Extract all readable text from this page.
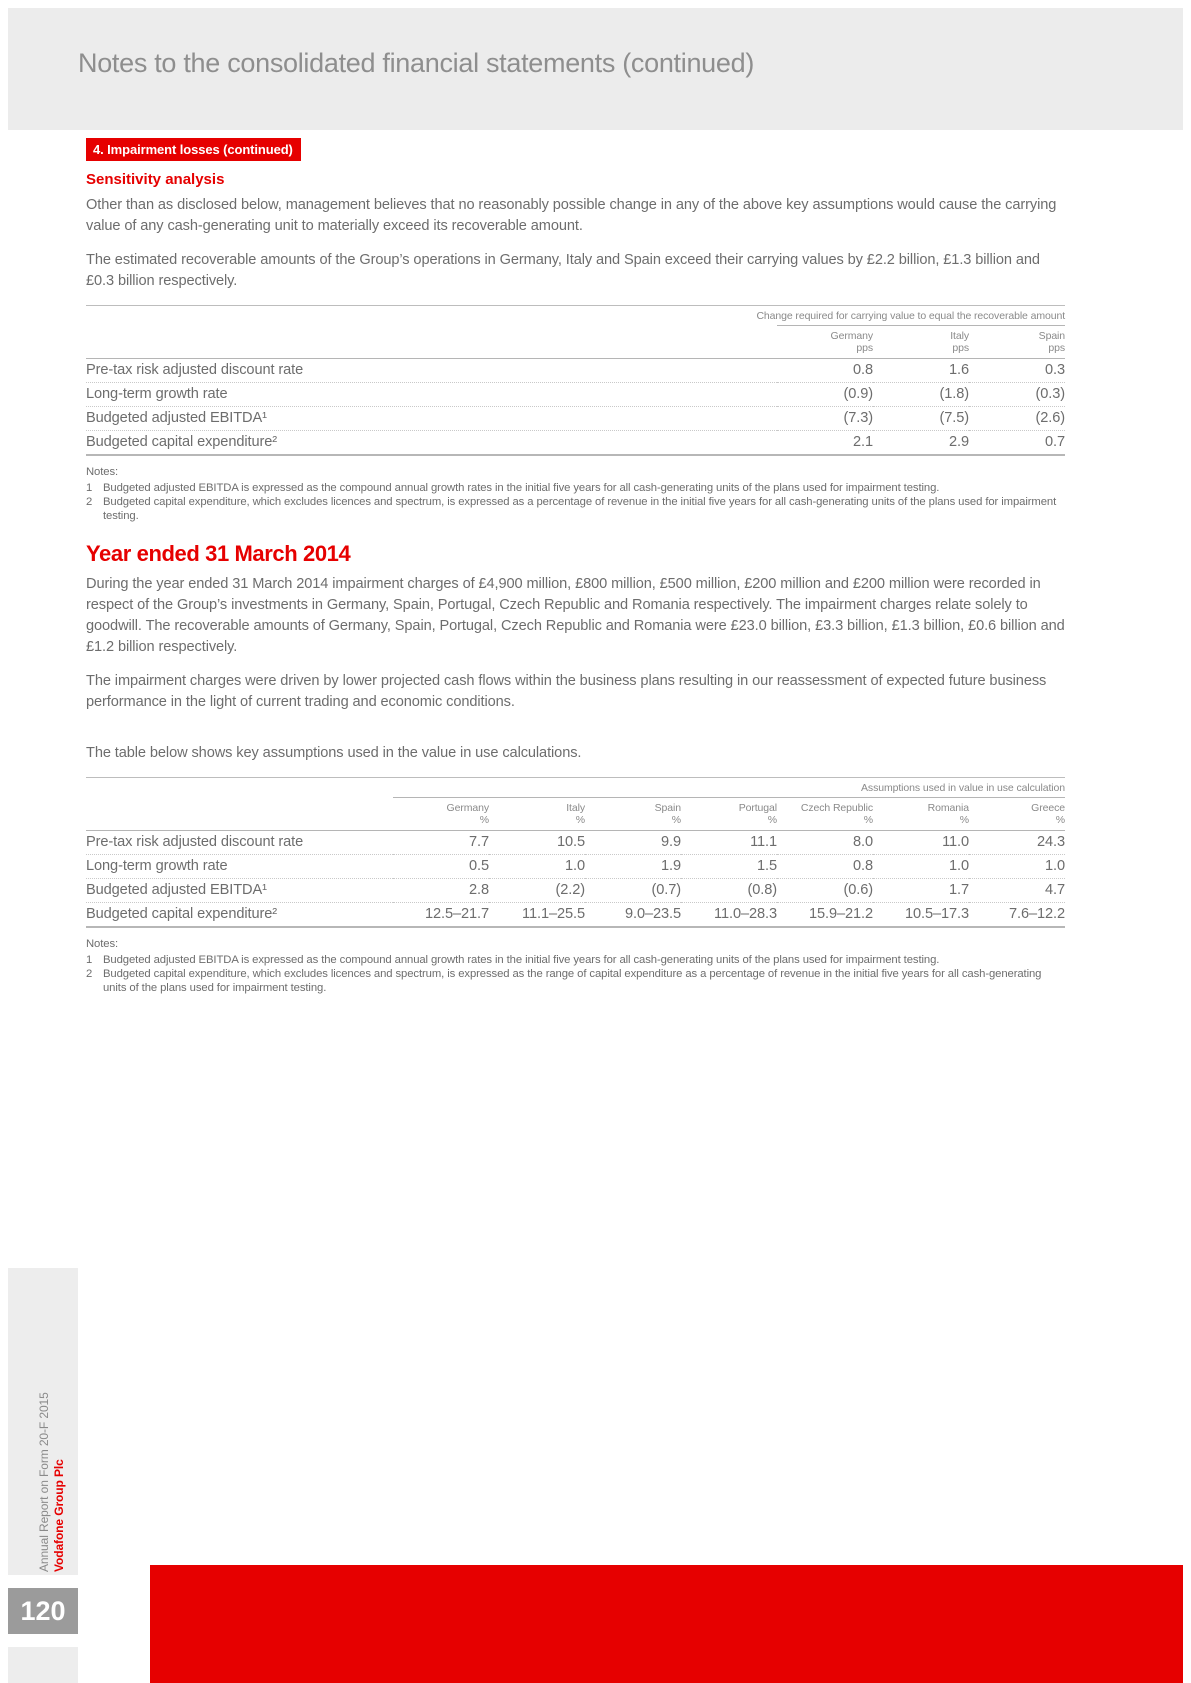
Notes to the consolidated financial statements (continued)
4. Impairment losses (continued)
Sensitivity analysis

Other than as disclosed below, management believes that no reasonably possible change in any of the above key assumptions would cause the carrying value of any cash-generating unit to materially exceed its recoverable amount.

The estimated recoverable amounts of the Group’s operations in Germany, Italy and Spain exceed their carrying values by £2.2 billion, £1.3 billion and £0.3 billion respectively.

Change required for carrying value to equal the recoverable amount			

Germany
pps

Italy
pps

Spain
pps

Pre-tax risk adjusted discount rate	0.8	1.6	0.3
Long-term growth rate	(0.9)	(1.8)	(0.3)
Budgeted adjusted EBITDA¹	(7.3)	(7.5)	(2.6)
Budgeted capital expenditure²	2.1	2.9	0.7
Notes:
1 Budgeted adjusted EBITDA is expressed as the compound annual growth rates in the initial five years for all cash-generating units of the plans used for impairment testing.
2 Budgeted capital expenditure, which excludes licences and spectrum, is expressed as a percentage of revenue in the initial five years for all cash-generating units of the plans used for impairment testing.
Year ended 31 March 2014

During the year ended 31 March 2014 impairment charges of £4,900 million, £800 million, £500 million, £200 million and £200 million were recorded in respect of the Group’s investments in Germany, Spain, Portugal, Czech Republic and Romania respectively. The impairment charges relate solely to goodwill. The recoverable amounts of Germany, Spain, Portugal, Czech Republic and Romania were £23.0 billion, £3.3 billion, £1.3 billion, £0.6 billion and £1.2 billion respectively.

The impairment charges were driven by lower projected cash flows within the business plans resulting in our reassessment of expected future business performance in the light of current trading and economic conditions.

The table below shows key assumptions used in the value in use calculations.

Assumptions used in value in use calculation							

Germany
%

Italy
%

Spain
%

Portugal
%

Czech Republic
%

Romania
%

Greece
%

Pre-tax risk adjusted discount rate	7.7	10.5	9.9	11.1	8.0	11.0	24.3
Long-term growth rate	0.5	1.0	1.9	1.5	0.8	1.0	1.0
Budgeted adjusted EBITDA¹	2.8	(2.2)	(0.7)	(0.8)	(0.6)	1.7	4.7
Budgeted capital expenditure²	12.5–21.7	11.1–25.5	9.0–23.5	11.0–28.3	15.9–21.2	10.5–17.3	7.6–12.2
Notes:
1 Budgeted adjusted EBITDA is expressed as the compound annual growth rates in the initial five years for all cash-generating units of the plans used for impairment testing.
2 Budgeted capital expenditure, which excludes licences and spectrum, is expressed as the range of capital expenditure as a percentage of revenue in the initial five years for all cash-generating units of the plans used for impairment testing.
Annual Report on Form 20-F 2015 Vodafone Group Plc
120
